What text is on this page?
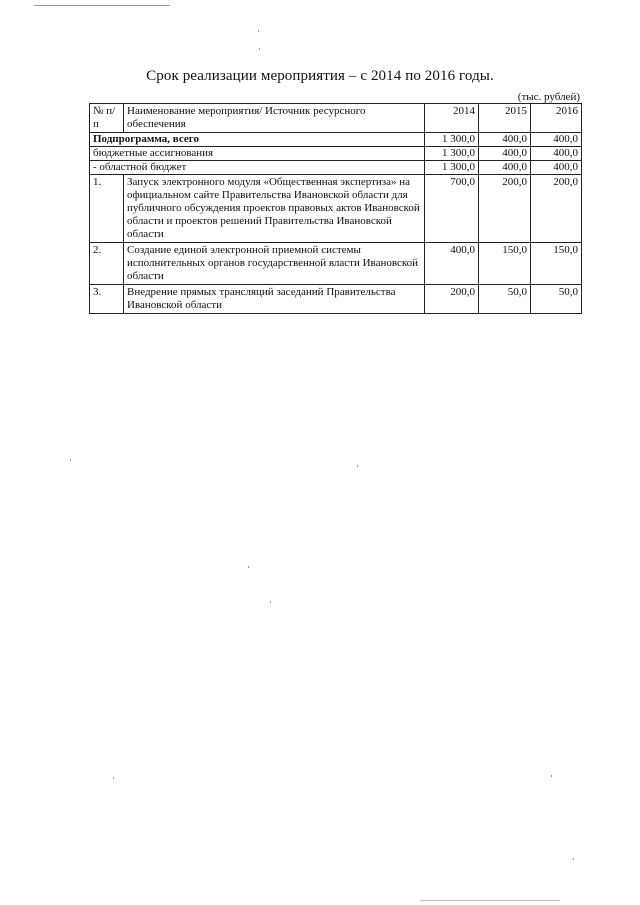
Срок реализации мероприятия – с 2014 по 2016 годы.
(тыс. рублей)
№ п/п	Наименование мероприятия/ Источник ресурсного обеспечения	2014	2015	2016
Подпрограмма, всего		1 300,0	400,0	400,0
бюджетные ассигнования		1 300,0	400,0	400,0
- областной бюджет		1 300,0	400,0	400,0
1.	Запуск электронного модуля «Общественная экспертиза» на официальном сайте Правительства Ивановской области для публичного обсуждения проектов правовых актов Ивановской области и проектов решений Правительства Ивановской области	700,0	200,0	200,0
2.	Создание единой электронной приемной системы исполнительных органов государственной власти Ивановской области	400,0	150,0	150,0
3.	Внедрение прямых трансляций заседаний Правительства Ивановской области	200,0	50,0	50,0
